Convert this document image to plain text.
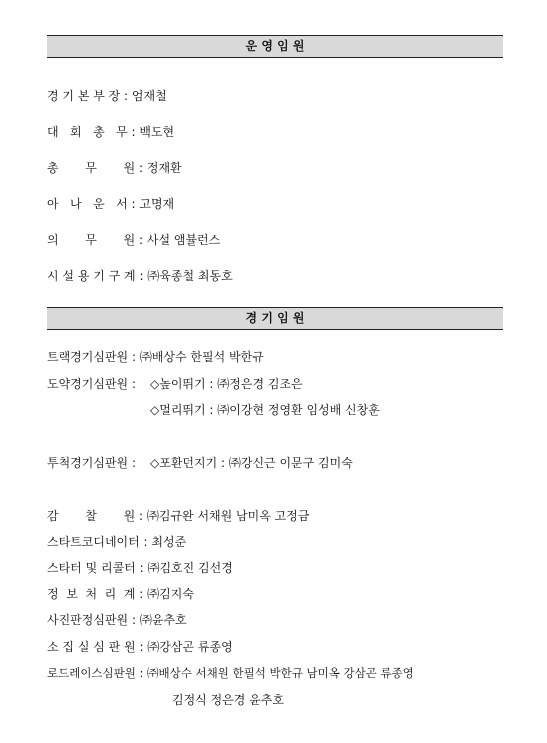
운 영 임 원
경 기 본 부 장 : 엄재철
대   회   총   무 : 백도현
총       무       원 : 정재환
아   나   운   서 : 고명재
의       무       원 : 사설 앰뷸런스
시 설 용 기 구 계 : ㈜육종철 최동호
경 기 임 원
트랙경기심판원 : ㈜배상수 한필석 박한규
도약경기심판원 : ◇높이뛰기 : ㈜정은경 김조은
◇멀리뛰기 : ㈜이강현 정영환 임성배 신창훈
투척경기심판원 : ◇포환던지기 : ㈜강신근 이문구 김미숙
감       찰       원 : ㈜김규완 서채원 남미옥 고정금
스타트코디네이터 : 최성준
스타터 및 리콜터 : ㈜김호진 김선경
정  보  처  리  계 : ㈜김지숙
사진판정심판원 : ㈜윤추호
소 집 실 심 판 원 : ㈜강삼곤 류종영
로드레이스심판원 : ㈜배상수 서채원 한필석 박한규 남미옥 강삼곤 류종영
김정식 정은경 윤추호
